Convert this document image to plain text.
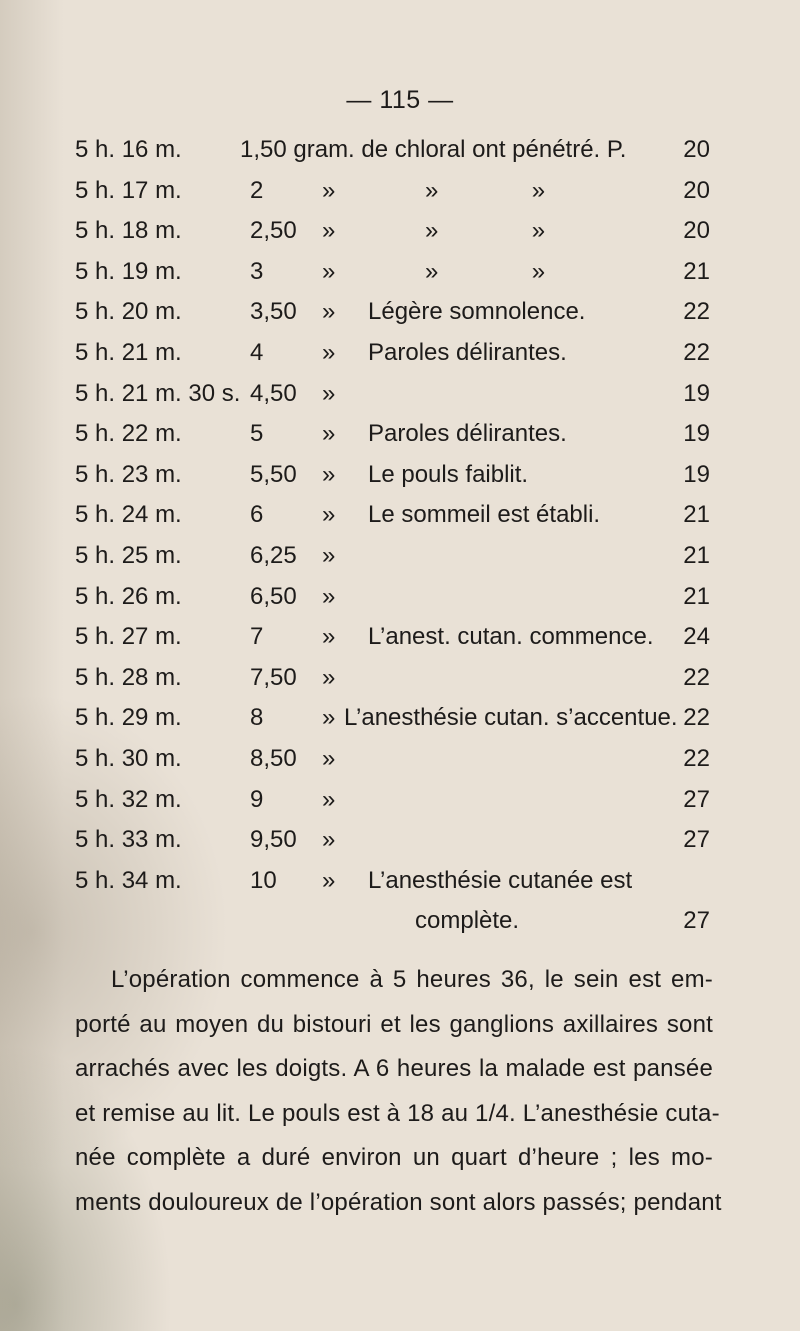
— 115 —
5 h. 16 m. 1,50 gram. de chloral ont pénétré. P. 20
5 h. 17 m.	2 »	»              »	20
5 h. 18 m.	2,50 »	»              »	20
5 h. 19 m.	3 »	»              »	21
5 h. 20 m.	3,50 » Légère somnolence.	22
5 h. 21 m.	4 » Paroles délirantes.	22
5 h. 21 m. 30 s. 4,50 »	19
5 h. 22 m.	5 » Paroles délirantes.	19
5 h. 23 m.	5,50 » Le pouls faiblit.	19
5 h. 24 m.	6 » Le sommeil est établi.	21
5 h. 25 m.	6,25 »	21
5 h. 26 m.	6,50 »	21
5 h. 27 m.	7 » L’anest. cutan. commence. 24
5 h. 28 m.	7,50 »	22
5 h. 29 m.	8 » L’anesthésie cutan. s’accentue. 22
5 h. 30 m.	8,50 »	22
5 h. 32 m.	9 »	27
5 h. 33 m.	9,50 »	27
5 h. 34 m.	10 » L’anesthésie cutanée est
complète.	27
L’opération commence à 5 heures 36, le sein est em-
porté au moyen du bistouri et les ganglions axillaires sont
arrachés avec les doigts. A 6 heures la malade est pansée
et remise au lit. Le pouls est à 18 au 1/4. L’anesthésie cuta-
née complète a duré environ un quart d’heure ; les mo-
ments douloureux de l’opération sont alors passés; pendant
